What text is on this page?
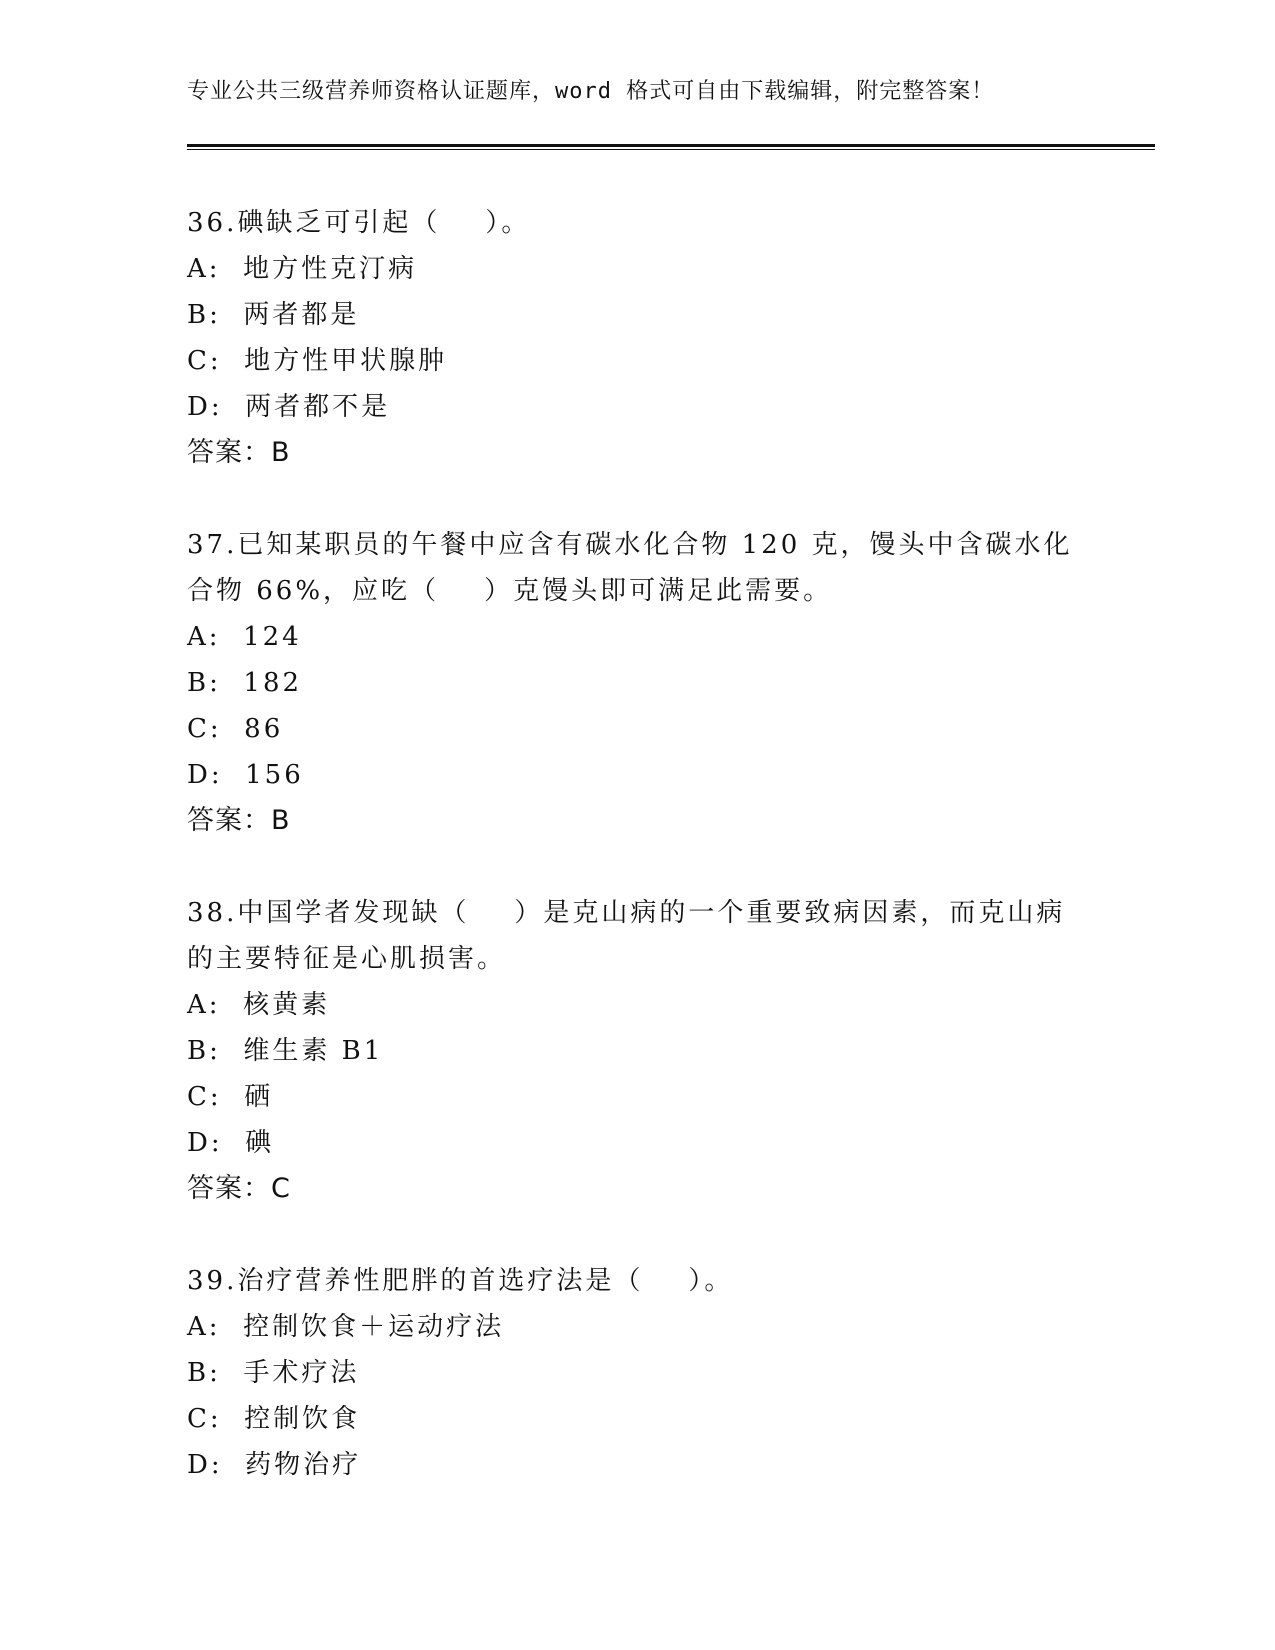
专业公共三级营养师资格认证题库，word 格式可自由下载编辑，附完整答案！

36.碘缺乏可引起（    ）。

A:  地方性克汀病

B:  两者都是

C:  地方性甲状腺肿

D:  两者都不是

答案：B

37.已知某职员的午餐中应含有碳水化合物 120 克，馒头中含碳水化合物 66%，应吃（    ）克馒头即可满足此需要。

A:  124

B:  182

C:  86

D:  156

答案：B

38.中国学者发现缺（    ）是克山病的一个重要致病因素，而克山病的主要特征是心肌损害。

A:  核黄素

B:  维生素 B1

C:  硒

D:  碘

答案：C

39.治疗营养性肥胖的首选疗法是（    ）。

A:  控制饮食＋运动疗法

B:  手术疗法

C:  控制饮食

D:  药物治疗
